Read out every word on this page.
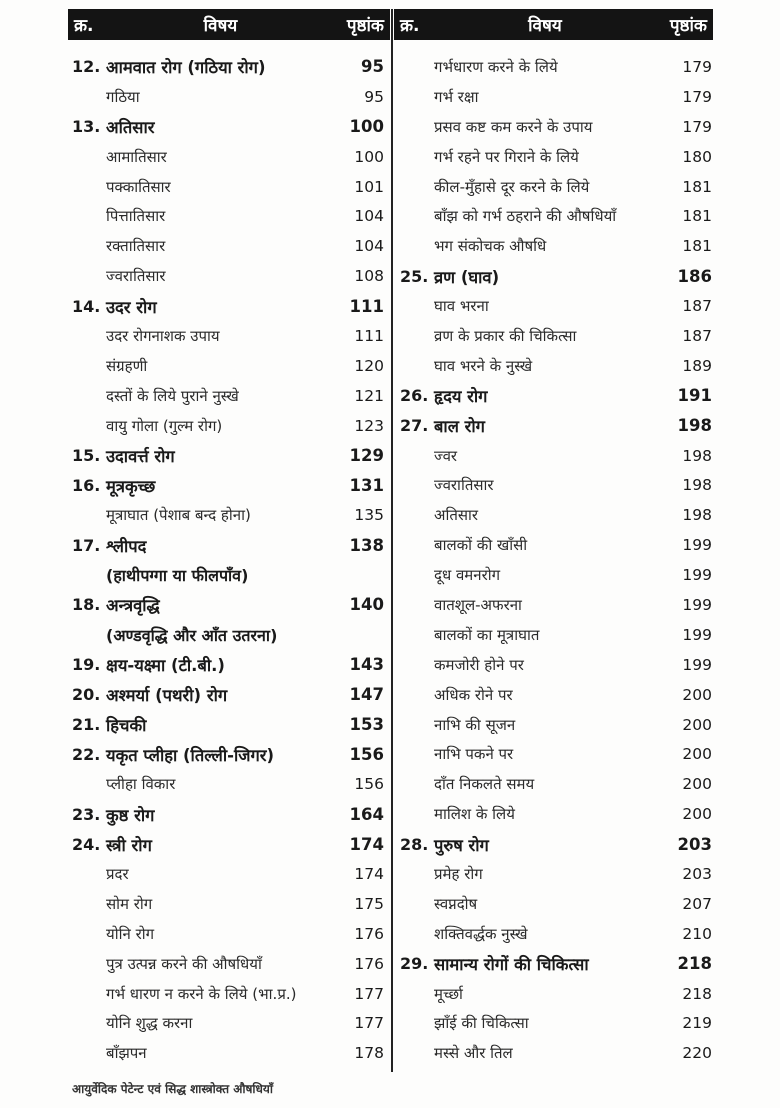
क्र.	विषय	पृष्ठांक क्र.	विषय	पृष्ठांक
12. आमवात रोग (गठिया रोग)	95
गठिया	95
13. अतिसार	100
आमातिसार	100
पक्कातिसार	101
पित्तातिसार	104
रक्तातिसार	104
ज्वरातिसार	108
14. उदर रोग	111
उदर रोगनाशक उपाय	111
संग्रहणी	120
दस्तों के लिये पुराने नुस्खे	121
वायु गोला (गुल्म रोग)	123
15. उदावर्त्त रोग	129
16. मूत्रकृच्छ	131
मूत्राघात (पेशाब बन्द होना)	135
17. श्लीपद	138
(हाथीपग्गा या फीलपाँव)
18. अन्त्रवृद्धि	140
(अण्डवृद्धि और आँत उतरना)
19. क्षय-यक्ष्मा (टी.बी.)	143
20. अश्मर्या (पथरी) रोग	147
21. हिचकी	153
22. यकृत प्लीहा (तिल्ली-जिगर)	156
प्लीहा विकार	156
23. कुष्ठ रोग	164
24. स्त्री रोग	174
प्रदर	174
सोम रोग	175
योनि रोग	176
पुत्र उत्पन्न करने की औषधियाँ	176
गर्भ धारण न करने के लिये (भा.प्र.)	177
योनि शुद्ध करना	177
बाँझपन	178
गर्भधारण करने के लिये	179
गर्भ रक्षा	179
प्रसव कष्ट कम करने के उपाय	179
गर्भ रहने पर गिराने के लिये	180
कील-मुँहासे दूर करने के लिये	181
बाँझ को गर्भ ठहराने की औषधियाँ	181
भग संकोचक औषधि	181
25. व्रण (घाव)	186
घाव भरना	187
व्रण के प्रकार की चिकित्सा	187
घाव भरने के नुस्खे	189
26. हृदय रोग	191
27. बाल रोग	198
ज्वर	198
ज्वरातिसार	198
अतिसार	198
बालकों की खाँसी	199
दूध वमनरोग	199
वातशूल-अफरना	199
बालकों का मूत्राघात	199
कमजोरी होने पर	199
अधिक रोने पर	200
नाभि की सूजन	200
नाभि पकने पर	200
दाँत निकलते समय	200
मालिश के लिये	200
28. पुरुष रोग	203
प्रमेह रोग	203
स्वप्नदोष	207
शक्तिवर्द्धक नुस्खे	210
29. सामान्य रोगों की चिकित्सा	218
मूर्च्छा	218
झाँई की चिकित्सा	219
मस्से और तिल	220
आयुर्वेदिक पेटेन्ट एवं सिद्ध शास्त्रोक्त औषधियाँ
